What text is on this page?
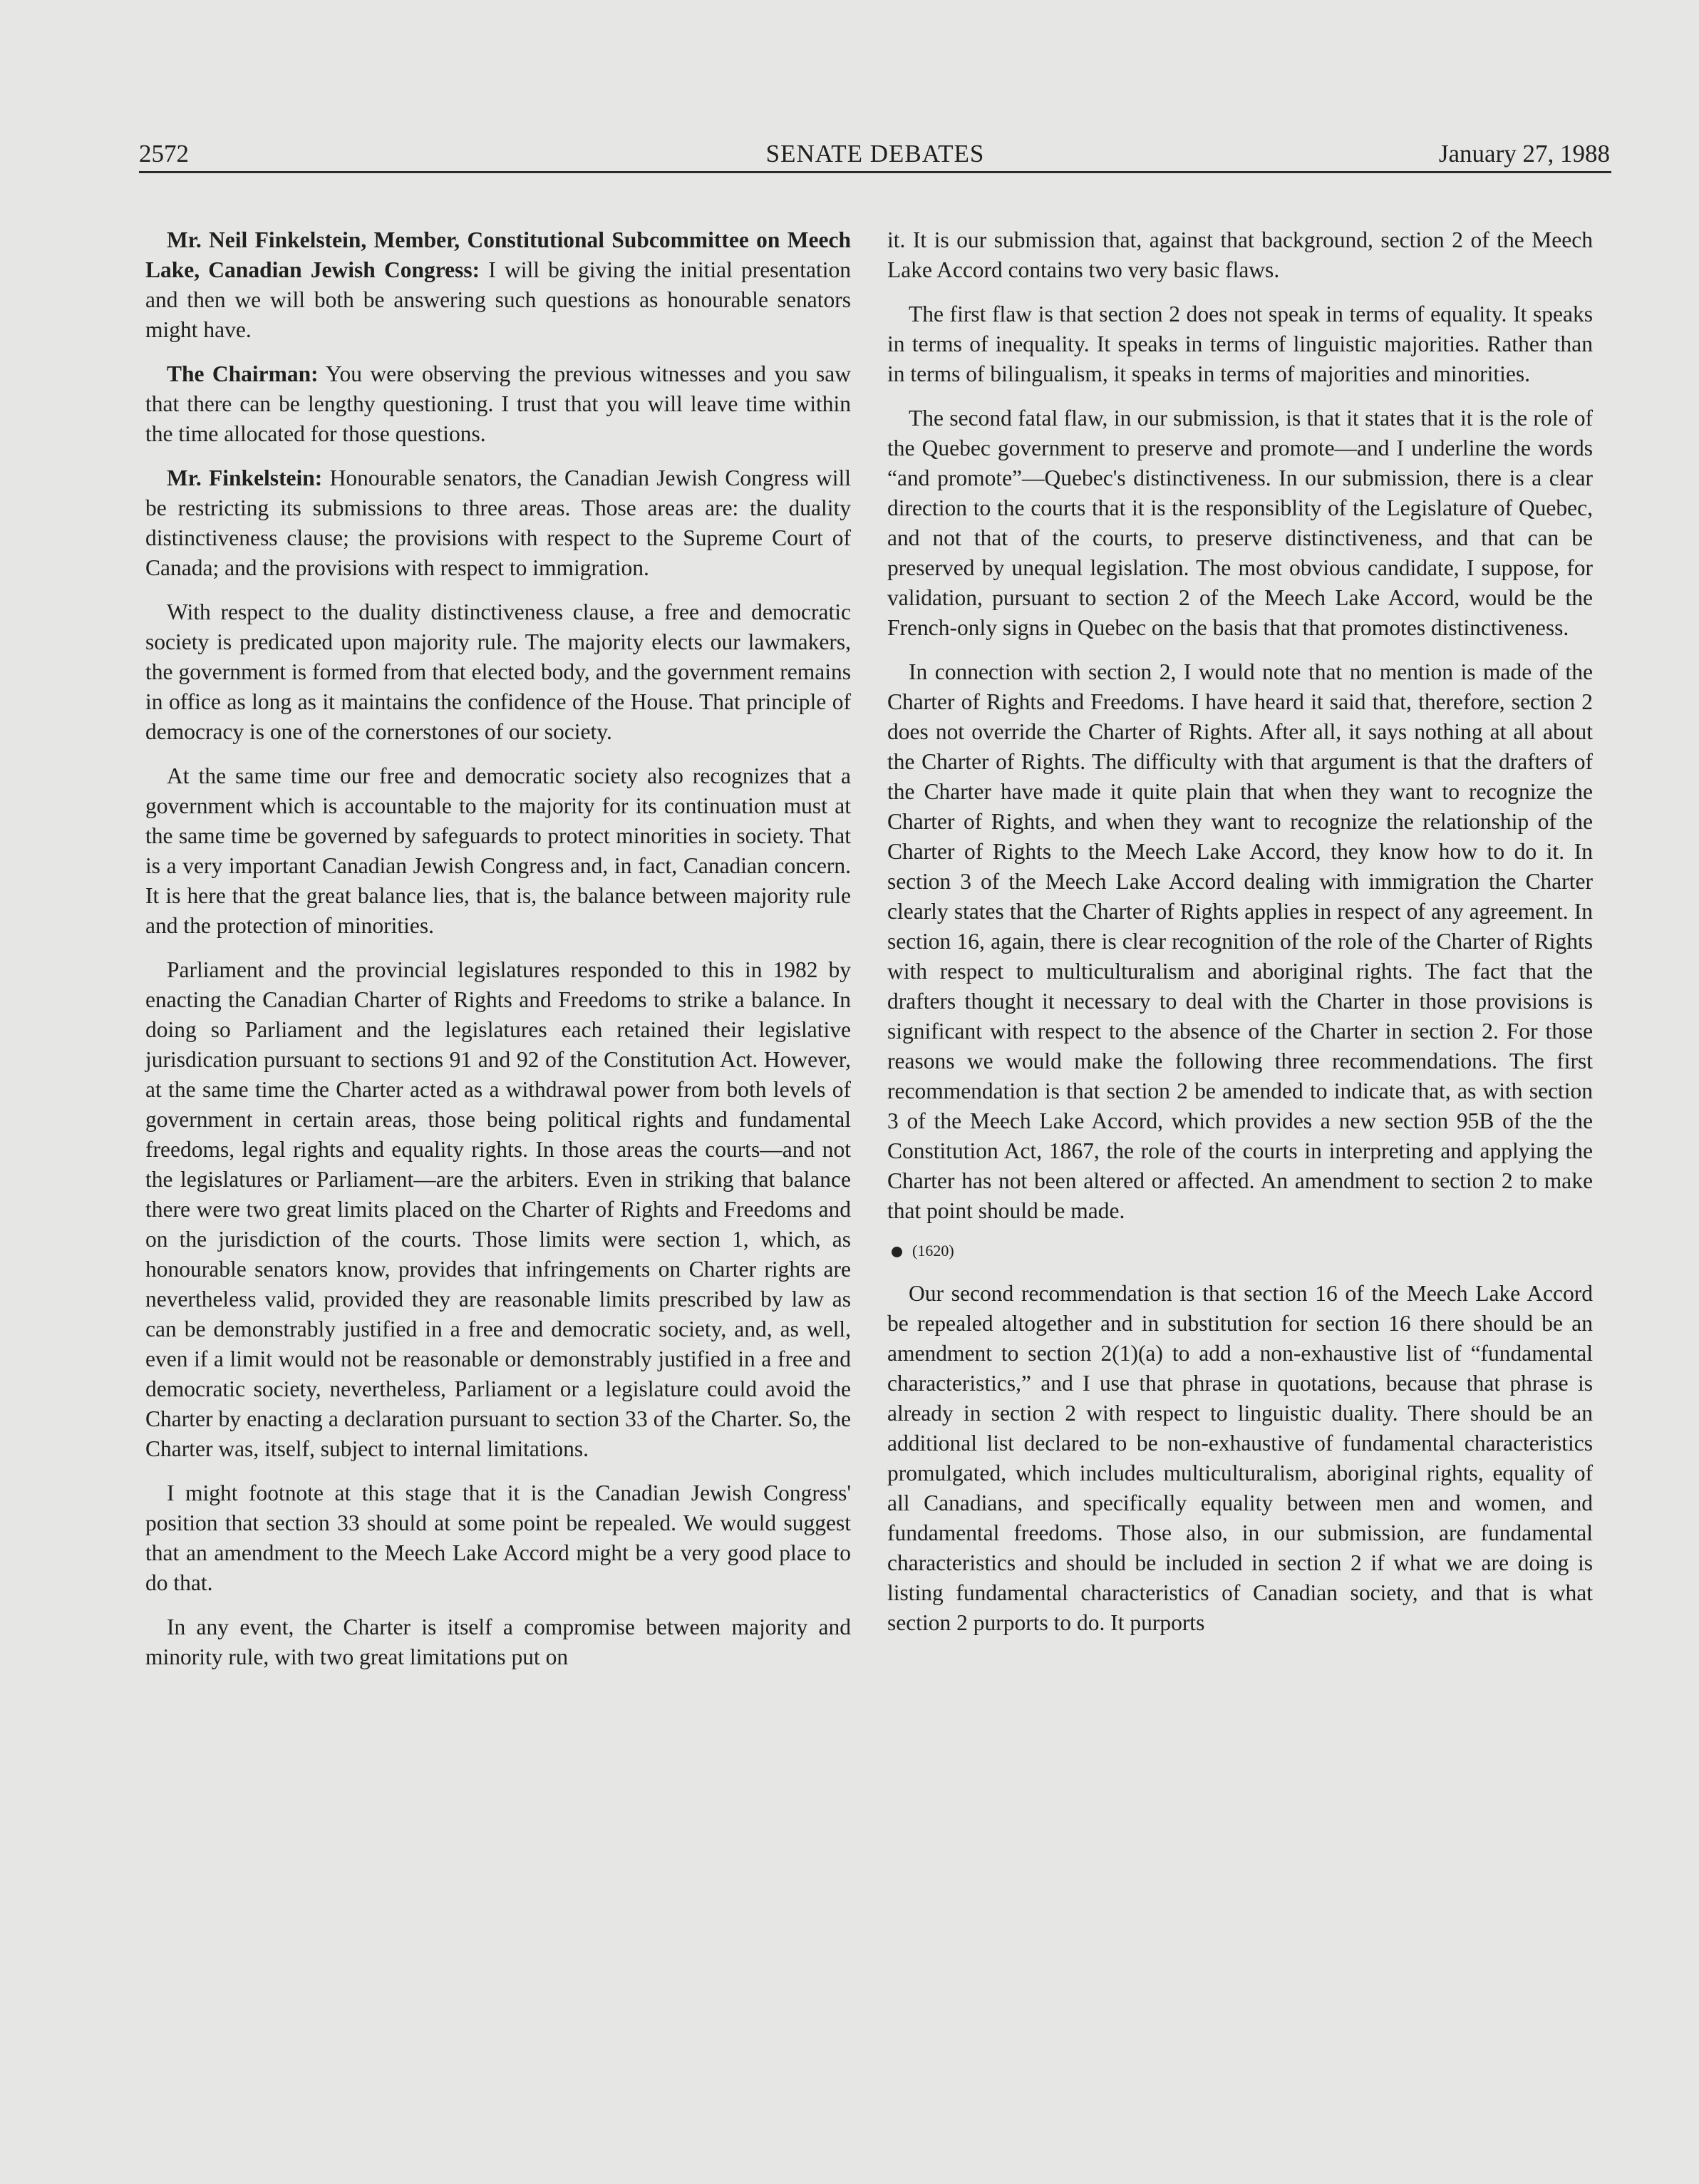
2572	SENATE DEBATES	January 27, 1988

Mr. Neil Finkelstein, Member, Constitutional Subcommittee on Meech Lake, Canadian Jewish Congress: I will be giving the initial presentation and then we will both be answering such questions as honourable senators might have.

The Chairman: You were observing the previous witnesses and you saw that there can be lengthy questioning. I trust that you will leave time within the time allocated for those questions.

Mr. Finkelstein: Honourable senators, the Canadian Jewish Congress will be restricting its submissions to three areas. Those areas are: the duality distinctiveness clause; the provisions with respect to the Supreme Court of Canada; and the provisions with respect to immigration.

With respect to the duality distinctiveness clause, a free and democratic society is predicated upon majority rule. The majority elects our lawmakers, the government is formed from that elected body, and the government remains in office as long as it maintains the confidence of the House. That principle of democracy is one of the cornerstones of our society.

At the same time our free and democratic society also recognizes that a government which is accountable to the majority for its continuation must at the same time be governed by safeguards to protect minorities in society. That is a very important Canadian Jewish Congress and, in fact, Canadian concern. It is here that the great balance lies, that is, the balance between majority rule and the protection of minorities.

Parliament and the provincial legislatures responded to this in 1982 by enacting the Canadian Charter of Rights and Freedoms to strike a balance. In doing so Parliament and the legislatures each retained their legislative jurisdication pursuant to sections 91 and 92 of the Constitution Act. However, at the same time the Charter acted as a withdrawal power from both levels of government in certain areas, those being political rights and fundamental freedoms, legal rights and equality rights. In those areas the courts—and not the legislatures or Parliament—are the arbiters. Even in striking that balance there were two great limits placed on the Charter of Rights and Freedoms and on the jurisdiction of the courts. Those limits were section 1, which, as honourable senators know, provides that infringements on Charter rights are nevertheless valid, provided they are reasonable limits prescribed by law as can be demonstrably justified in a free and democratic society, and, as well, even if a limit would not be reasonable or demonstrably justified in a free and democratic society, nevertheless, Parliament or a legislature could avoid the Charter by enacting a declaration pursuant to section 33 of the Charter. So, the Charter was, itself, subject to internal limitations.

I might footnote at this stage that it is the Canadian Jewish Congress' position that section 33 should at some point be repealed. We would suggest that an amendment to the Meech Lake Accord might be a very good place to do that.

In any event, the Charter is itself a compromise between majority and minority rule, with two great limitations put on

it. It is our submission that, against that background, section 2 of the Meech Lake Accord contains two very basic flaws.

The first flaw is that section 2 does not speak in terms of equality. It speaks in terms of inequality. It speaks in terms of linguistic majorities. Rather than in terms of bilingualism, it speaks in terms of majorities and minorities.

The second fatal flaw, in our submission, is that it states that it is the role of the Quebec government to preserve and promote—and I underline the words “and promote”—Quebec's distinctiveness. In our submission, there is a clear direction to the courts that it is the responsiblity of the Legislature of Quebec, and not that of the courts, to preserve distinctiveness, and that can be preserved by unequal legislation. The most obvious candidate, I suppose, for validation, pursuant to section 2 of the Meech Lake Accord, would be the French-only signs in Quebec on the basis that that promotes distinctiveness.

In connection with section 2, I would note that no mention is made of the Charter of Rights and Freedoms. I have heard it said that, therefore, section 2 does not override the Charter of Rights. After all, it says nothing at all about the Charter of Rights. The difficulty with that argument is that the drafters of the Charter have made it quite plain that when they want to recognize the Charter of Rights, and when they want to recognize the relationship of the Charter of Rights to the Meech Lake Accord, they know how to do it. In section 3 of the Meech Lake Accord dealing with immigration the Charter clearly states that the Charter of Rights applies in respect of any agreement. In section 16, again, there is clear recognition of the role of the Charter of Rights with respect to multiculturalism and aboriginal rights. The fact that the drafters thought it necessary to deal with the Charter in those provisions is significant with respect to the absence of the Charter in section 2. For those reasons we would make the following three recommendations. The first recommendation is that section 2 be amended to indicate that, as with section 3 of the Meech Lake Accord, which provides a new section 95B of the the Constitution Act, 1867, the role of the courts in interpreting and applying the Charter has not been altered or affected. An amendment to section 2 to make that point should be made.

(1620)

Our second recommendation is that section 16 of the Meech Lake Accord be repealed altogether and in substitution for section 16 there should be an amendment to section 2(1)(a) to add a non-exhaustive list of “fundamental characteristics,” and I use that phrase in quotations, because that phrase is already in section 2 with respect to linguistic duality. There should be an additional list declared to be non-exhaustive of fundamental characteristics promulgated, which includes multiculturalism, aboriginal rights, equality of all Canadians, and specifically equality between men and women, and fundamental freedoms. Those also, in our submission, are fundamental characteristics and should be included in section 2 if what we are doing is listing fundamental characteristics of Canadian society, and that is what section 2 purports to do. It purports
